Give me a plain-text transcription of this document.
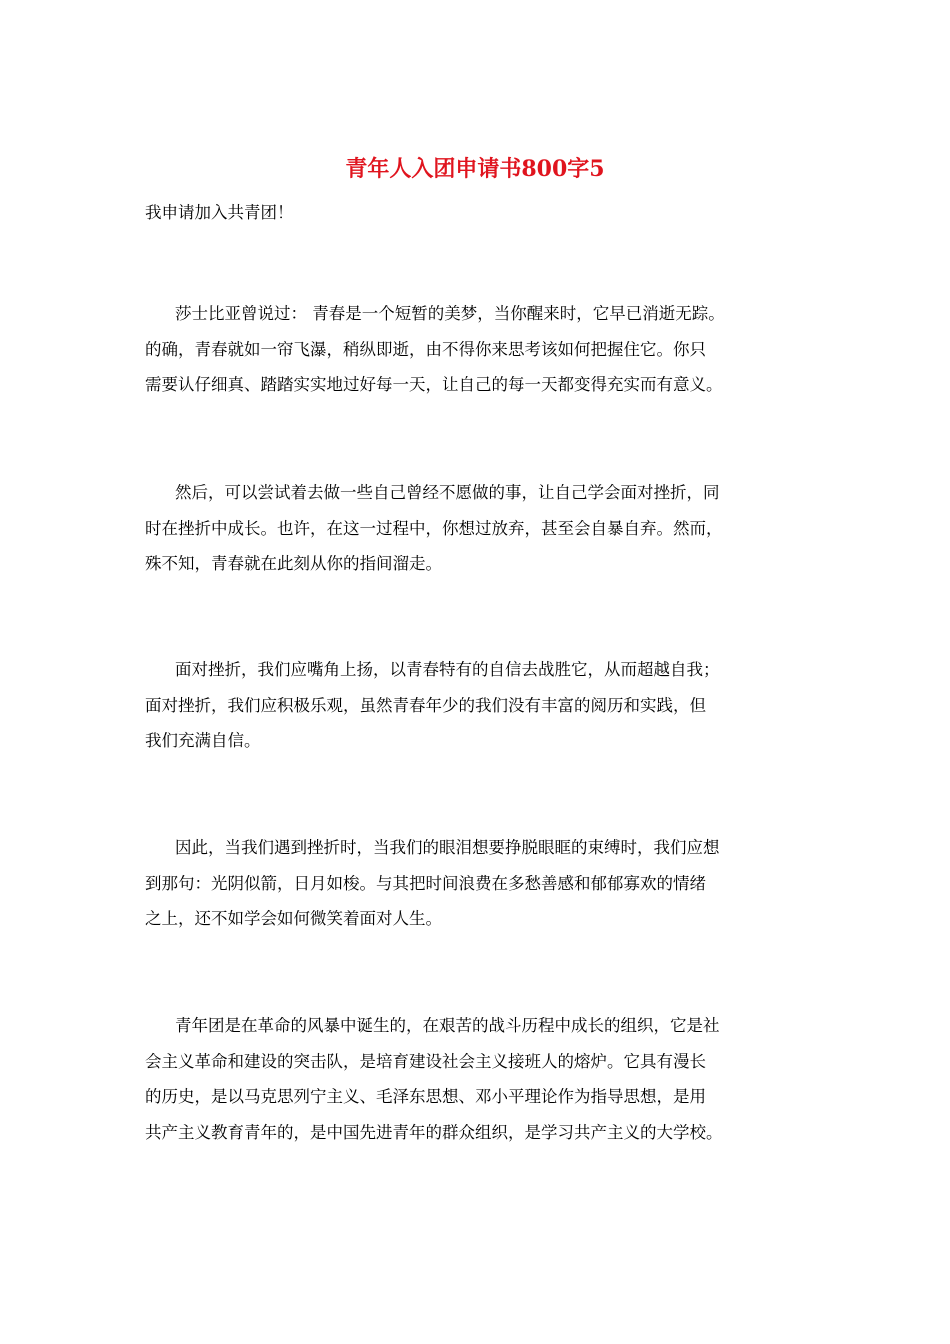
青年人入团申请书800字5
我申请加入共青团！
莎士比亚曾说过： 青春是一个短暂的美梦，当你醒来时，它早已消逝无踪。
的确，青春就如一帘飞瀑，稍纵即逝，由不得你来思考该如何把握住它。你只
需要认仔细真、踏踏实实地过好每一天，让自己的每一天都变得充实而有意义。
然后，可以尝试着去做一些自己曾经不愿做的事，让自己学会面对挫折，同
时在挫折中成长。也许，在这一过程中，你想过放弃，甚至会自暴自弃。然而，
殊不知，青春就在此刻从你的指间溜走。
面对挫折，我们应嘴角上扬，以青春特有的自信去战胜它，从而超越自我；
面对挫折，我们应积极乐观，虽然青春年少的我们没有丰富的阅历和实践，但
我们充满自信。
因此，当我们遇到挫折时，当我们的眼泪想要挣脱眼眶的束缚时，我们应想
到那句：光阴似箭，日月如梭。与其把时间浪费在多愁善感和郁郁寡欢的情绪
之上，还不如学会如何微笑着面对人生。
青年团是在革命的风暴中诞生的，在艰苦的战斗历程中成长的组织，它是社
会主义革命和建设的突击队，是培育建设社会主义接班人的熔炉。它具有漫长
的历史，是以马克思列宁主义、毛泽东思想、邓小平理论作为指导思想，是用
共产主义教育青年的，是中国先进青年的群众组织，是学习共产主义的大学校。
